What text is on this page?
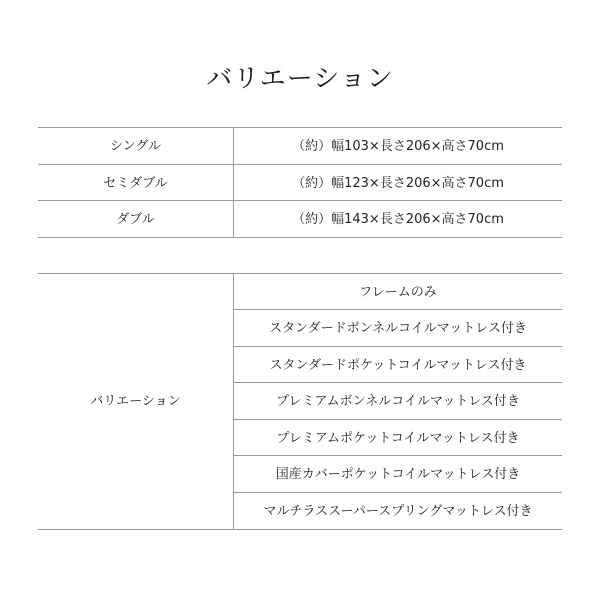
バリエーション
シングル	（約）幅103×長さ206×高さ70cm
セミダブル	（約）幅123×長さ206×高さ70cm
ダブル	（約）幅143×長さ206×高さ70cm
バリエーション
フレームのみ
スタンダードボンネルコイルマットレス付き
スタンダードポケットコイルマットレス付き
プレミアムボンネルコイルマットレス付き
プレミアムポケットコイルマットレス付き
国産カバーポケットコイルマットレス付き
マルチラススーパースプリングマットレス付き
